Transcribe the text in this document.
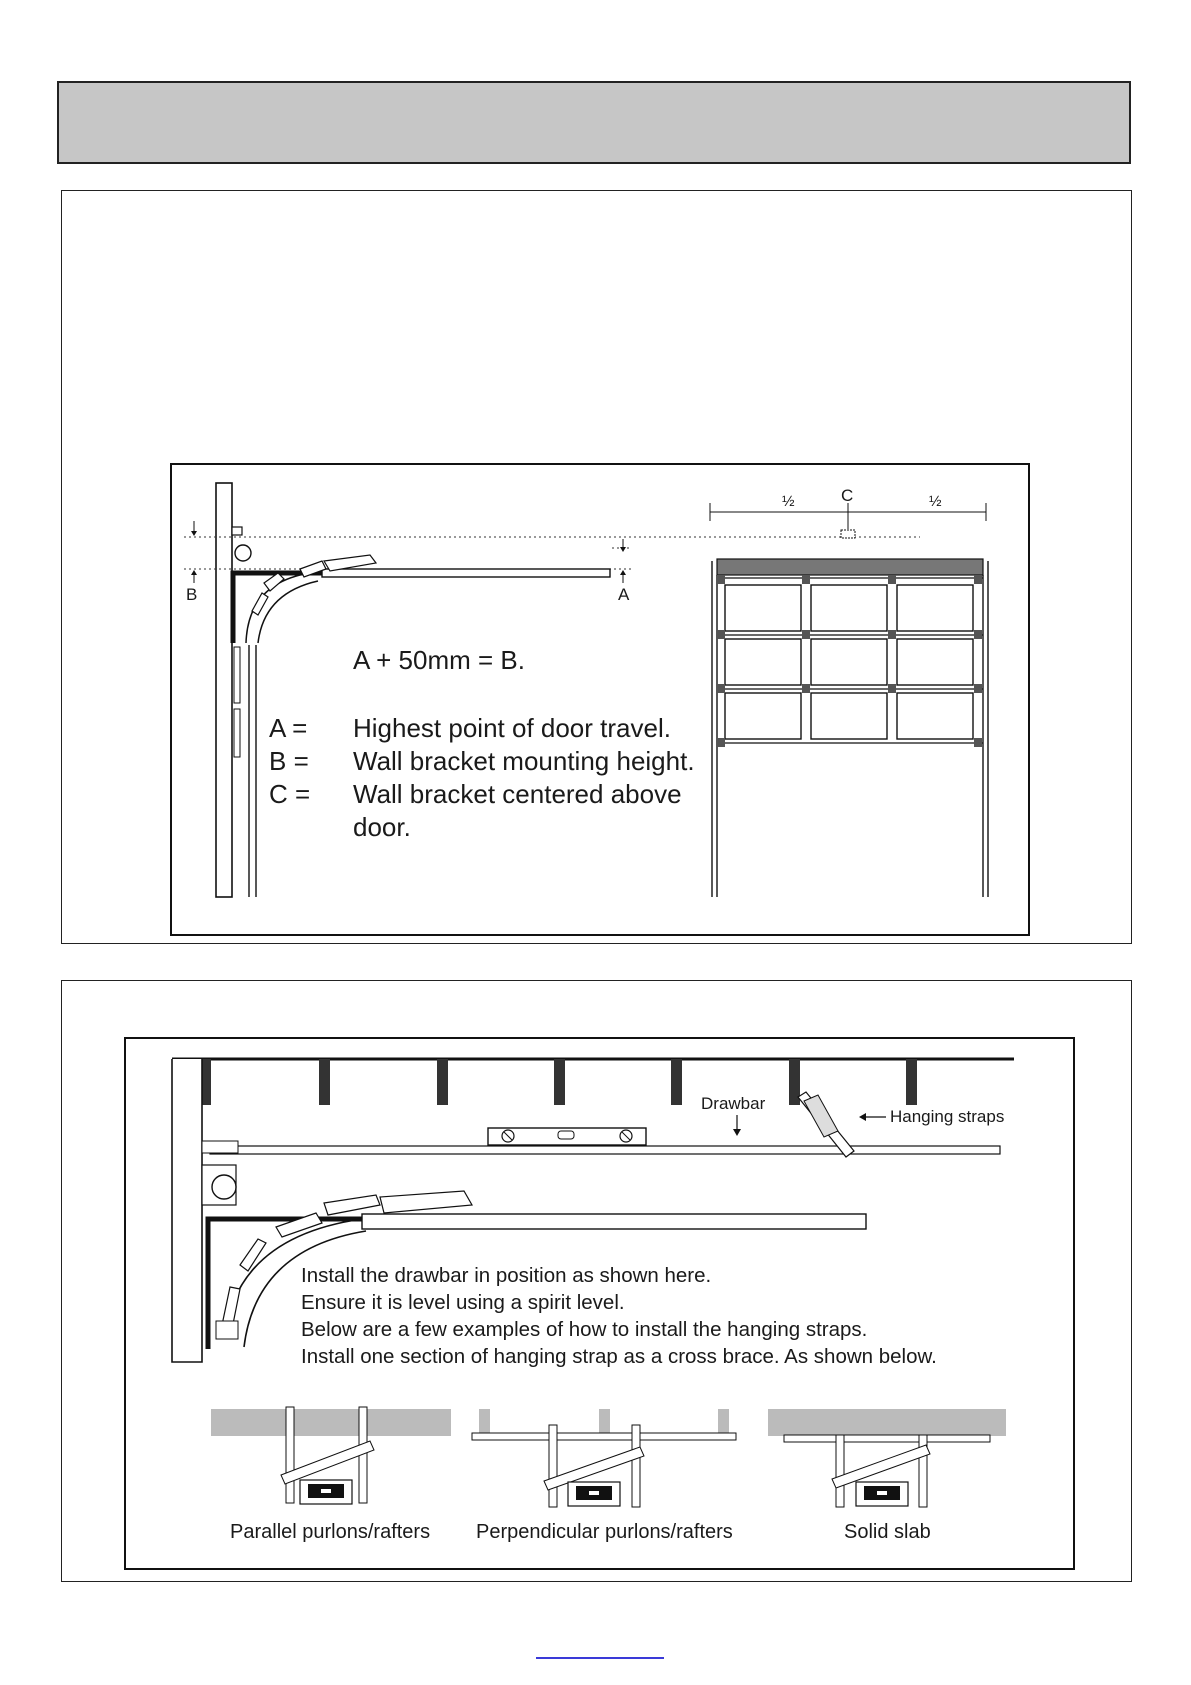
B	A
C
½	½
A + 50mm = B.
A = Highest point of door travel.
B = Wall bracket mounting height.
C = Wall bracket centered above
door.
Drawbar
Hanging straps
Install the drawbar in position as shown here.
Ensure it is level using a spirit level.
Below are a few examples of how to install the hanging straps.
Install one section of hanging strap as a cross brace. As shown below.
Parallel purlons/rafters Perpendicular purlons/rafters	Solid slab
